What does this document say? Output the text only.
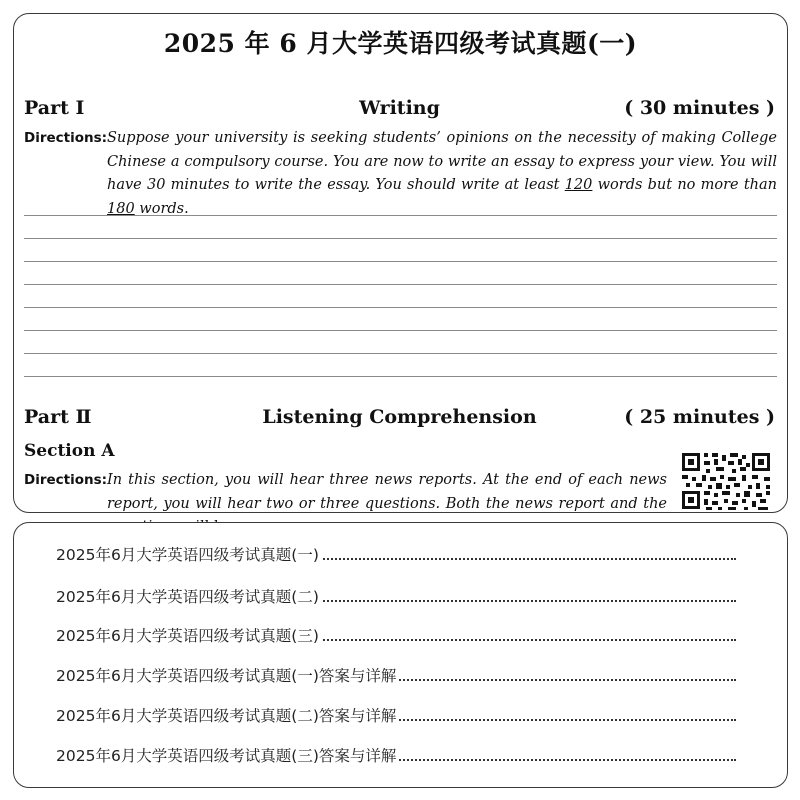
2025 年 6 月大学英语四级考试真题(一)
Part Ⅰ	Writing	( 30 minutes )
Directions: Suppose your university is seeking students’ opinions on the necessity of making College Chinese a compulsory course. You are now to write an essay to express your view. You will have 30 minutes to write the essay. You should write at least 120 words but no more than 180 words.
Part Ⅱ	Listening Comprehension	( 25 minutes )
Section A
Directions: In this section, you will hear three news reports. At the end of each news report, you will hear two or three questions. Both the news report and the
2025年6月大学英语四级考试真题(一)
2025年6月大学英语四级考试真题(二)
2025年6月大学英语四级考试真题(三)
2025年6月大学英语四级考试真题(一)答案与详解
2025年6月大学英语四级考试真题(二)答案与详解
2025年6月大学英语四级考试真题(三)答案与详解
